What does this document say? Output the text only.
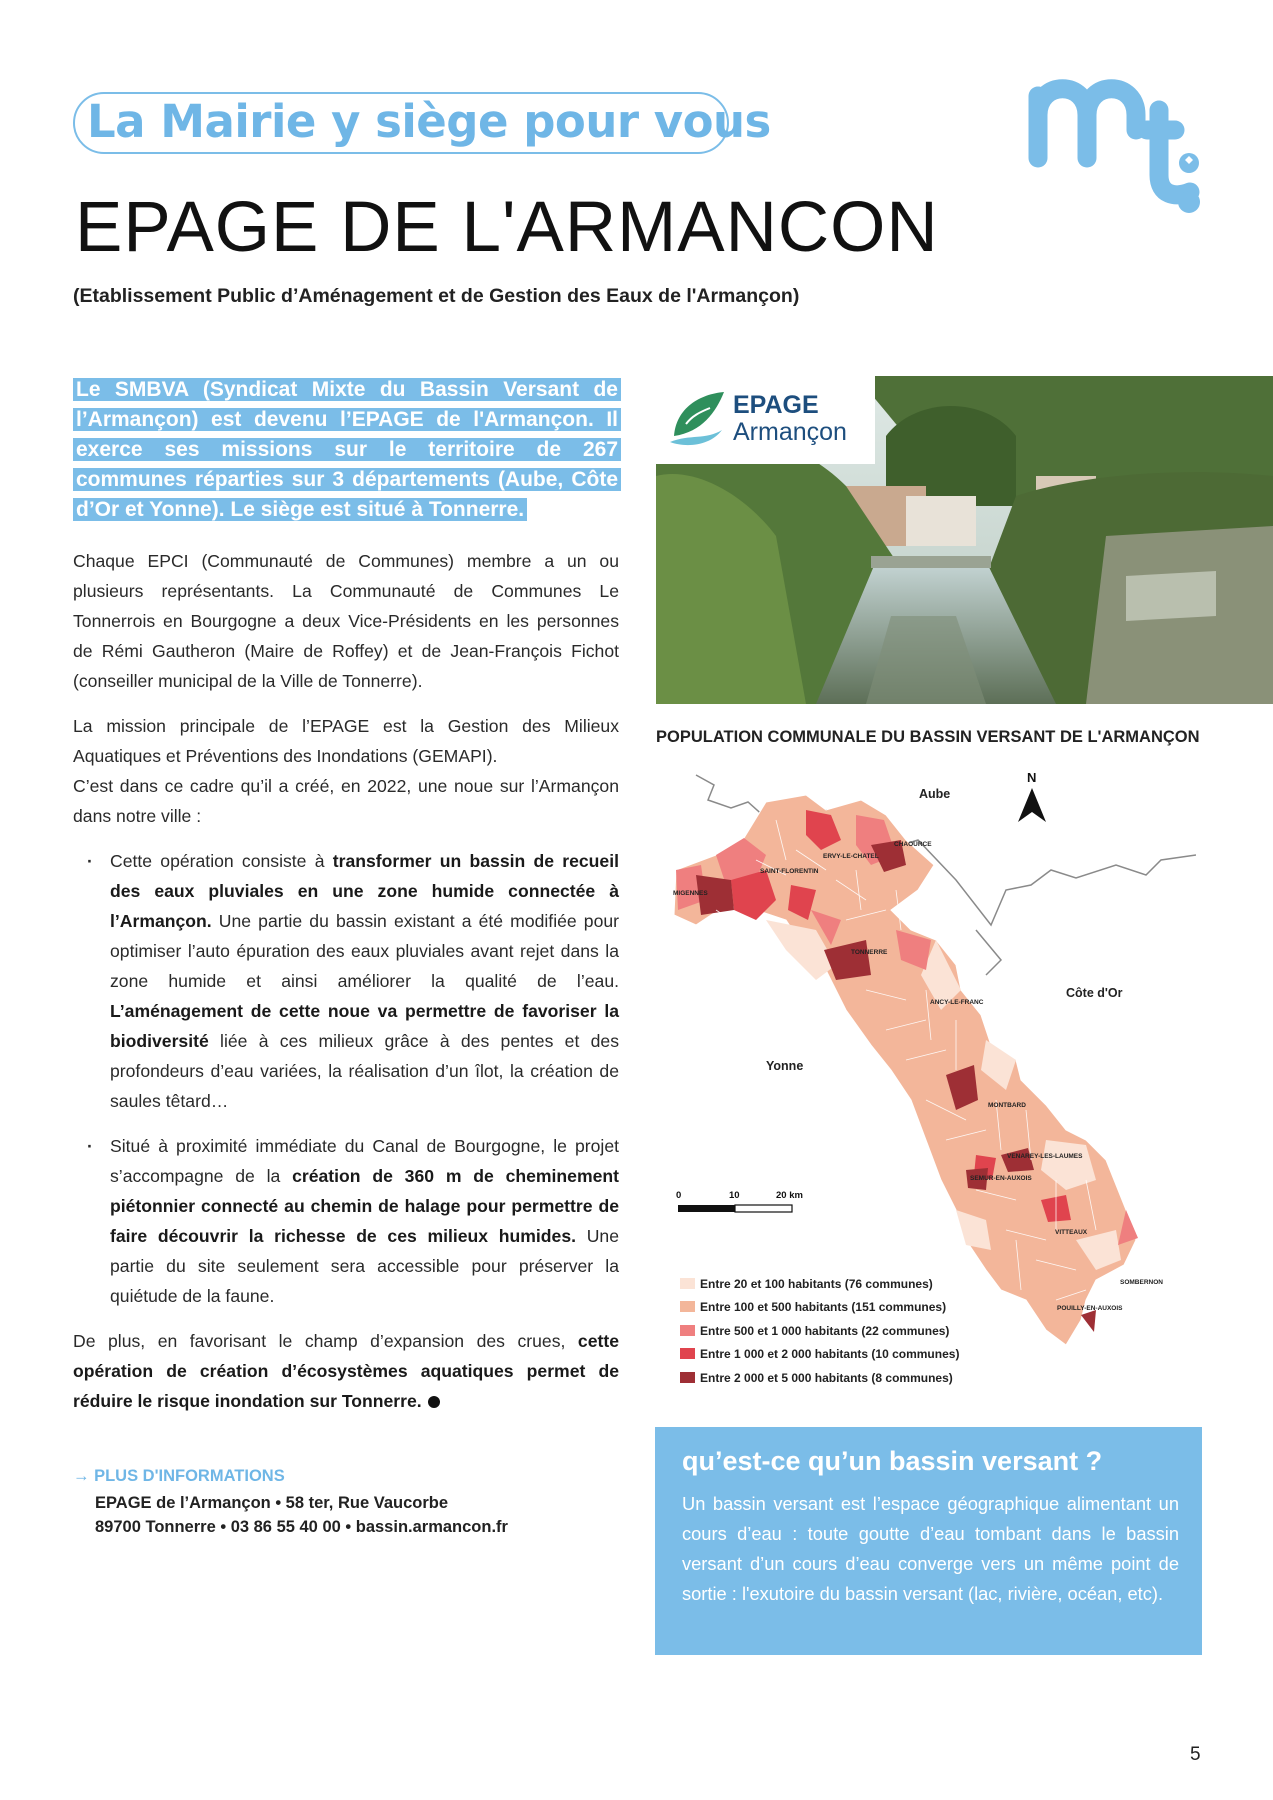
La Mairie y siège pour vous
EPAGE DE L'ARMANCON
(Etablissement Public d’Aménagement et de Gestion des Eaux de l'Armançon)
Le SMBVA (Syndicat Mixte du Bassin Versant de l’Armançon) est devenu l’EPAGE de l'Armançon. Il exerce ses missions sur le territoire de 267 communes réparties sur 3 départements (Aube, Côte d’Or et Yonne). Le siège est situé à Tonnerre.

Chaque EPCI (Communauté de Communes) membre a un ou plusieurs représentants. La Communauté de Communes Le Tonnerrois en Bourgogne a deux Vice-Présidents en les personnes de Rémi Gautheron (Maire de Roffey) et de Jean-François Fichot (conseiller municipal de la Ville de Tonnerre).

La mission principale de l’EPAGE est la Gestion des Milieux Aquatiques et Préventions des Inondations (GEMAPI).

C’est dans ce cadre qu’il a créé, en 2022, une noue sur l’Armançon dans notre ville :

· Cette opération consiste à transformer un bassin de recueil des eaux pluviales en une zone humide connectée à l’Armançon. Une partie du bassin existant a été modifiée pour optimiser l’auto épuration des eaux pluviales avant rejet dans la zone humide et ainsi améliorer la qualité de l’eau. L’aménagement de cette noue va permettre de favoriser la biodiversité liée à ces milieux grâce à des pentes et des profondeurs d’eau variées, la réalisation d’un îlot, la création de saules têtard…
· Situé à proximité immédiate du Canal de Bourgogne, le projet s’accompagne de la création de 360 m de cheminement piétonnier connecté au chemin de halage pour permettre de faire découvrir la richesse de ces milieux humides. Une partie du site seulement sera accessible pour préserver la quiétude de la faune.

De plus, en favorisant le champ d’expansion des crues, cette opération de création d’écosystèmes aquatiques permet de réduire le risque inondation sur Tonnerre.

→ PLUS D'INFORMATIONS
EPAGE de l’Armançon • 58 ter, Rue Vaucorbe
89700 Tonnerre • 03 86 55 40 00 • bassin.armancon.fr
EPAGE
Armançon
POPULATION COMMUNALE DU BASSIN VERSANT DE L'ARMANÇON
Aube
Côte d'Or
Yonne
N
CHAOURCE
ERVY-LE-CHATEL
SAINT-FLORENTIN
MIGENNES
TONNERRE
ANCY-LE-FRANC
MONTBARD
VENAREY-LES-LAUMES
SEMUR-EN-AUXOIS
VITTEAUX
SOMBERNON
POUILLY-EN-AUXOIS
0	10	20 km
Entre 20 et 100 habitants (76 communes)
Entre 100 et 500 habitants (151 communes)
Entre 500 et 1 000 habitants (22 communes)
Entre 1 000 et 2 000 habitants (10 communes)
Entre 2 000 et 5 000 habitants (8 communes)
qu’est-ce qu’un bassin versant ?
Un bassin versant est l’espace géographique alimentant un cours d’eau : toute goutte d’eau tombant dans le bassin versant d’un cours d’eau converge vers un même point de sortie : l'exutoire du bassin versant (lac, rivière, océan, etc).
5
